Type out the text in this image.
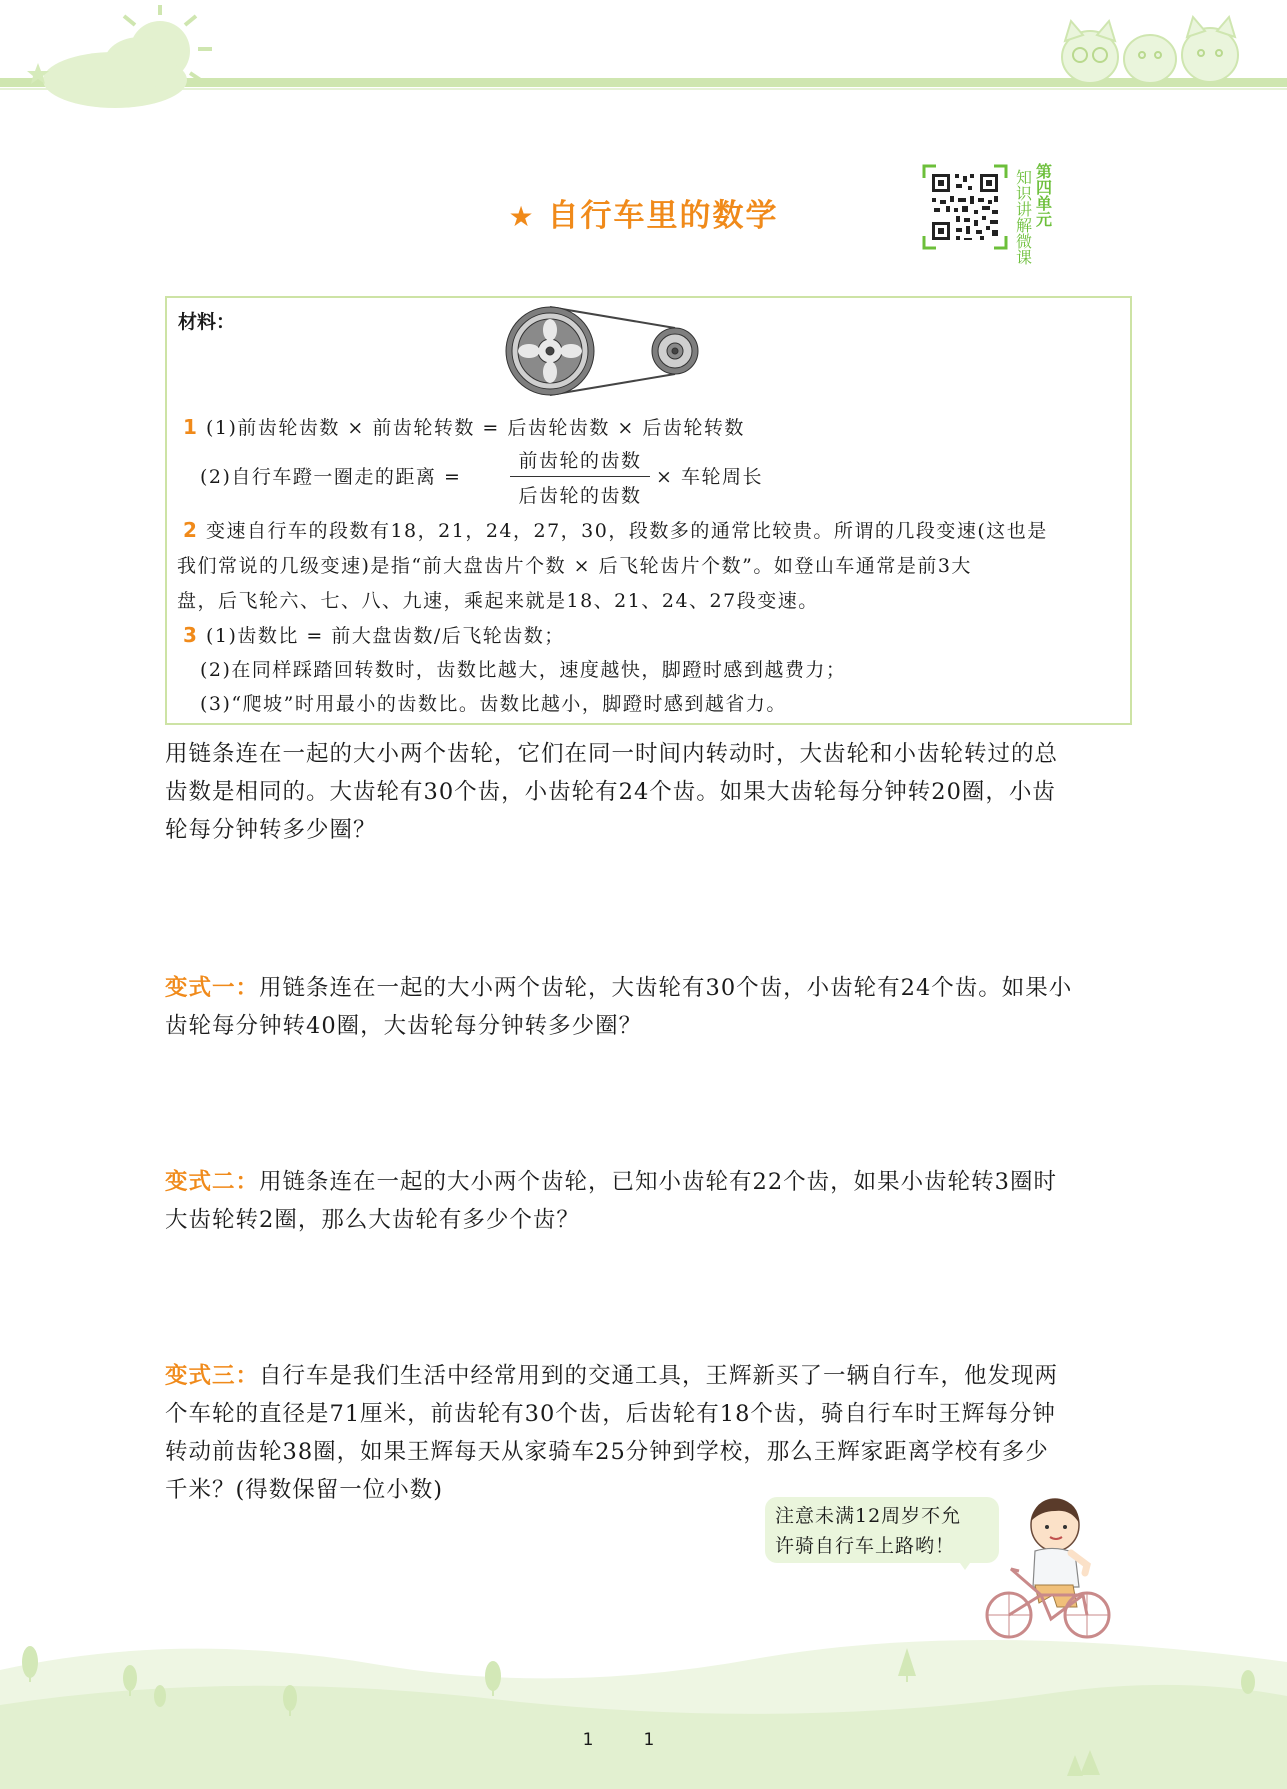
★ 自行车里的数学
知识讲解微课
第四单元
材料：
1 (1)前齿轮齿数 × 前齿轮转数 = 后齿轮齿数 × 后齿轮转数
(2)自行车蹬一圈走的距离 =
前齿轮的齿数
后齿轮的齿数
× 车轮周长
2 变速自行车的段数有18，21，24，27，30，段数多的通常比较贵。所谓的几段变速(这也是
我们常说的几级变速)是指“前大盘齿片个数 × 后飞轮齿片个数”。如登山车通常是前3大
盘，后飞轮六、七、八、九速，乘起来就是18、21、24、27段变速。
3 (1)齿数比 = 前大盘齿数/后飞轮齿数；
(2)在同样踩踏回转数时，齿数比越大，速度越快，脚蹬时感到越费力；
(3)“爬坡”时用最小的齿数比。齿数比越小，脚蹬时感到越省力。
用链条连在一起的大小两个齿轮，它们在同一时间内转动时，大齿轮和小齿轮转过的总
齿数是相同的。大齿轮有30个齿，小齿轮有24个齿。如果大齿轮每分钟转20圈，小齿
轮每分钟转多少圈？
变式一：用链条连在一起的大小两个齿轮，大齿轮有30个齿，小齿轮有24个齿。如果小
齿轮每分钟转40圈，大齿轮每分钟转多少圈？
变式二：用链条连在一起的大小两个齿轮，已知小齿轮有22个齿，如果小齿轮转3圈时
大齿轮转2圈，那么大齿轮有多少个齿？
变式三：自行车是我们生活中经常用到的交通工具，王辉新买了一辆自行车，他发现两
个车轮的直径是71厘米，前齿轮有30个齿，后齿轮有18个齿，骑自行车时王辉每分钟
转动前齿轮38圈，如果王辉每天从家骑车25分钟到学校，那么王辉家距离学校有多少
千米？(得数保留一位小数)
注意未满12周岁不允
许骑自行车上路哟！
11
